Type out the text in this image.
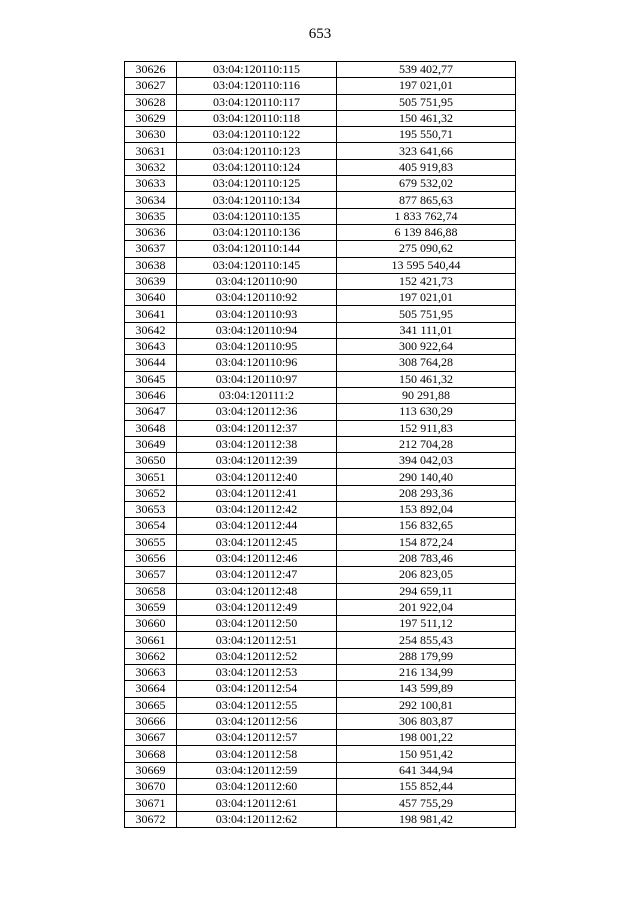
653
30626	03:04:120110:115	539 402,77
30627	03:04:120110:116	197 021,01
30628	03:04:120110:117	505 751,95
30629	03:04:120110:118	150 461,32
30630	03:04:120110:122	195 550,71
30631	03:04:120110:123	323 641,66
30632	03:04:120110:124	405 919,83
30633	03:04:120110:125	679 532,02
30634	03:04:120110:134	877 865,63
30635	03:04:120110:135	1 833 762,74
30636	03:04:120110:136	6 139 846,88
30637	03:04:120110:144	275 090,62
30638	03:04:120110:145	13 595 540,44
30639	03:04:120110:90	152 421,73
30640	03:04:120110:92	197 021,01
30641	03:04:120110:93	505 751,95
30642	03:04:120110:94	341 111,01
30643	03:04:120110:95	300 922,64
30644	03:04:120110:96	308 764,28
30645	03:04:120110:97	150 461,32
30646	03:04:120111:2	90 291,88
30647	03:04:120112:36	113 630,29
30648	03:04:120112:37	152 911,83
30649	03:04:120112:38	212 704,28
30650	03:04:120112:39	394 042,03
30651	03:04:120112:40	290 140,40
30652	03:04:120112:41	208 293,36
30653	03:04:120112:42	153 892,04
30654	03:04:120112:44	156 832,65
30655	03:04:120112:45	154 872,24
30656	03:04:120112:46	208 783,46
30657	03:04:120112:47	206 823,05
30658	03:04:120112:48	294 659,11
30659	03:04:120112:49	201 922,04
30660	03:04:120112:50	197 511,12
30661	03:04:120112:51	254 855,43
30662	03:04:120112:52	288 179,99
30663	03:04:120112:53	216 134,99
30664	03:04:120112:54	143 599,89
30665	03:04:120112:55	292 100,81
30666	03:04:120112:56	306 803,87
30667	03:04:120112:57	198 001,22
30668	03:04:120112:58	150 951,42
30669	03:04:120112:59	641 344,94
30670	03:04:120112:60	155 852,44
30671	03:04:120112:61	457 755,29
30672	03:04:120112:62	198 981,42
